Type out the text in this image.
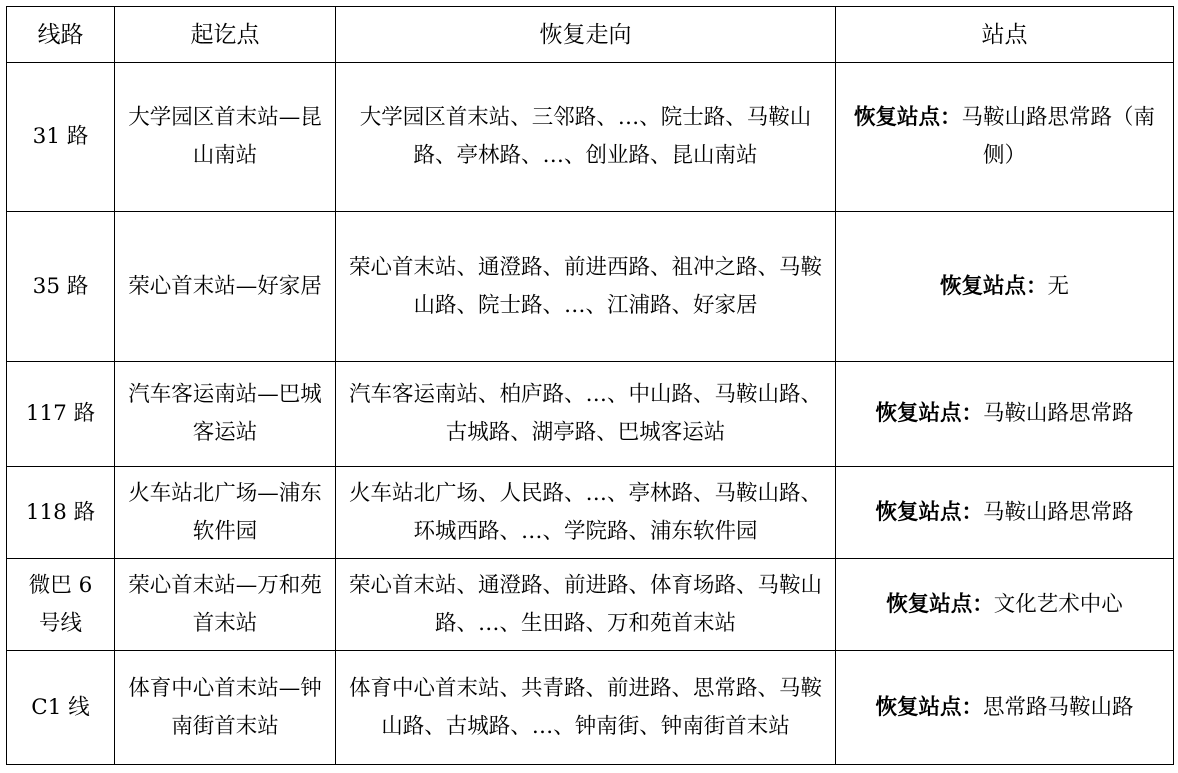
线路	起讫点	恢复走向	站点
31 路	大学园区首末站—昆山南站	大学园区首末站、三邻路、…、院士路、马鞍山路、亭林路、…、创业路、昆山南站	恢复站点：马鞍山路思常路（南侧）
35 路	荣心首末站—好家居	荣心首末站、通澄路、前进西路、祖冲之路、马鞍山路、院士路、…、江浦路、好家居	恢复站点：无
117 路	汽车客运南站—巴城客运站	汽车客运南站、柏庐路、…、中山路、马鞍山路、古城路、湖亭路、巴城客运站	恢复站点：马鞍山路思常路
118 路	火车站北广场—浦东软件园	火车站北广场、人民路、…、亭林路、马鞍山路、环城西路、…、学院路、浦东软件园	恢复站点：马鞍山路思常路
微巴 6 号线	荣心首末站—万和苑首末站	荣心首末站、通澄路、前进路、体育场路、马鞍山路、…、生田路、万和苑首末站	恢复站点：文化艺术中心
C1 线	体育中心首末站—钟南街首末站	体育中心首末站、共青路、前进路、思常路、马鞍山路、古城路、…、钟南街、钟南街首末站	恢复站点：思常路马鞍山路
